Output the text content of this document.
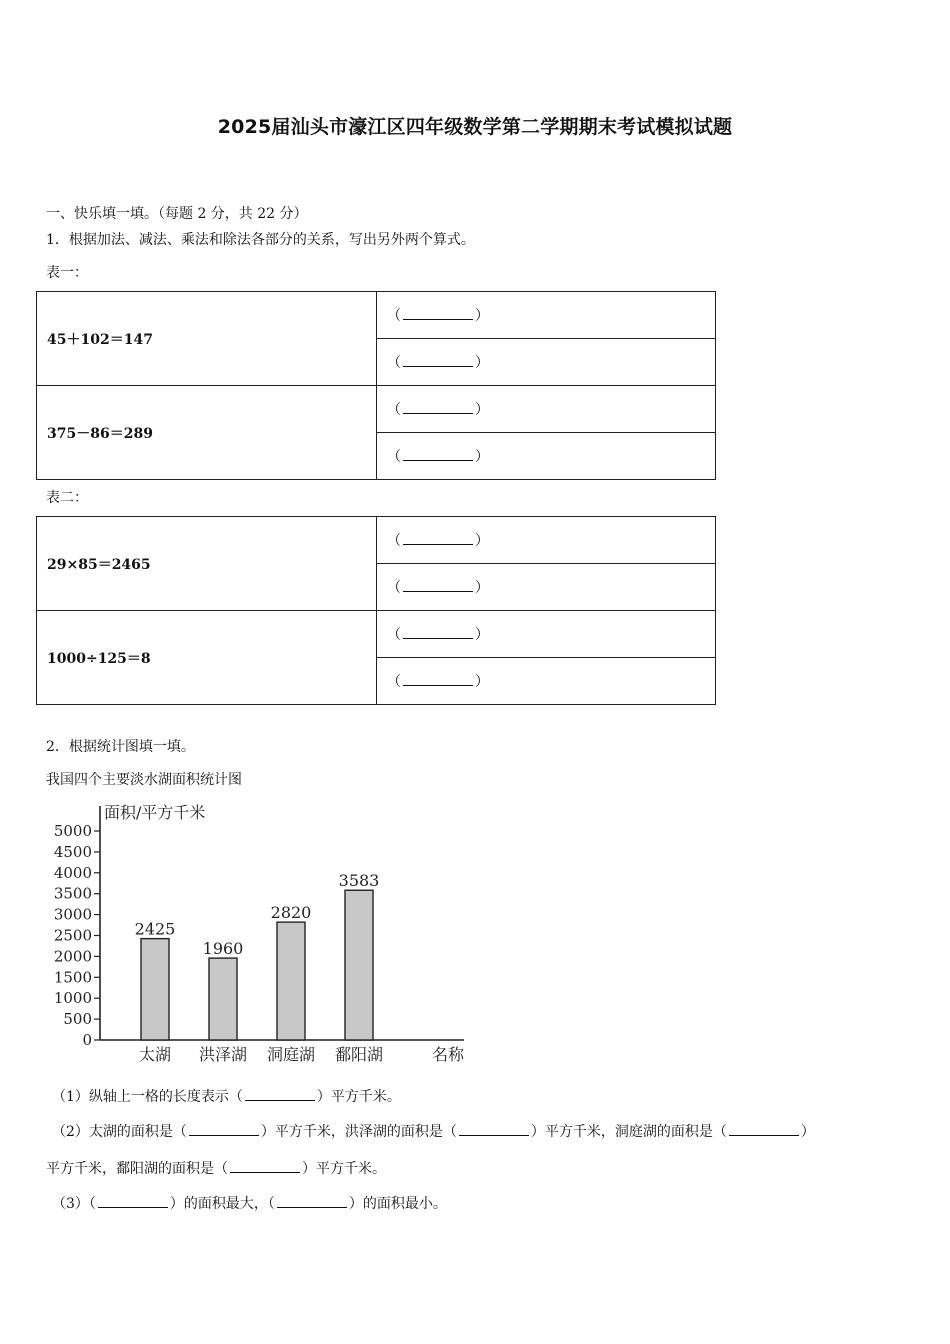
2025届汕头市濠江区四年级数学第二学期期末考试模拟试题
一、快乐填一填。（每题 2 分，共 22 分）
1．根据加法、减法、乘法和除法各部分的关系，写出另外两个算式。
表一：
45＋102＝147	（ ）
	（ ）
375－86＝289	（ ）
	（ ）
表二：
29×85＝2465	（ ）
	（ ）
1000÷125＝8	（ ）
	（ ）
2．根据统计图填一填。
我国四个主要淡水湖面积统计图
面积/平方千米
0
500
1000
1500
2000
2500
3000
3500
4000
4500
5000
2425
太湖
1960
洪泽湖
2820
洞庭湖
3583
鄱阳湖	名称
（1）纵轴上一格的长度表示（	）平方千米。
（2）太湖的面积是（	）平方千米，洪泽湖的面积是（	）平方千米，洞庭湖的面积是（	）
平方千米，鄱阳湖的面积是（	）平方千米。
（3）（	）的面积最大，（	）的面积最小。
